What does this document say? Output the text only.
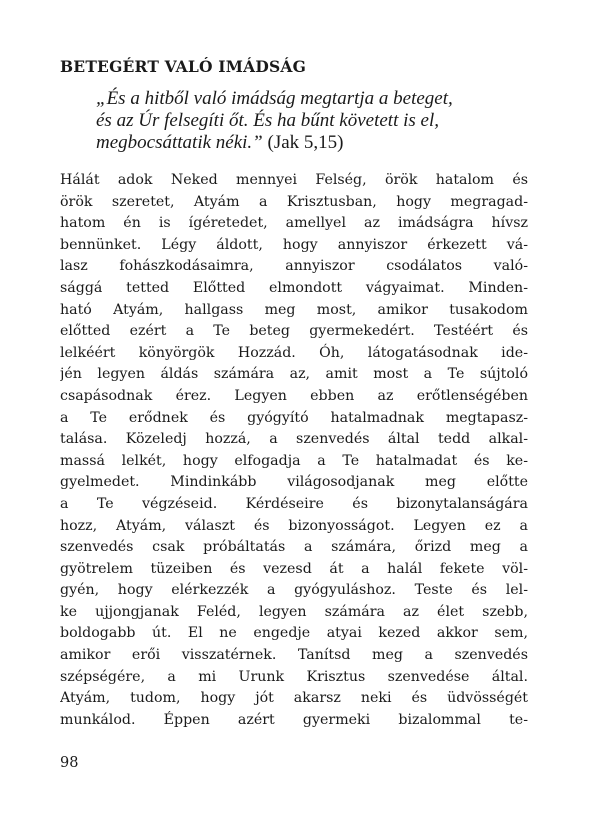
BETEGÉRT VALÓ IMÁDSÁG
„És a hitből való imádság megtartja a beteget,
és az Úr felsegíti őt. És ha bűnt követett is el,
megbocsáttatik néki.” (Jak 5,15)
Hálát adok Neked mennyei Felség, örök hatalom és
örök szeretet, Atyám a Krisztusban, hogy megragad-
hatom én is ígéretedet, amellyel az imádságra hívsz
bennünket. Légy áldott, hogy annyiszor érkezett vá-
lasz fohászkodásaimra, annyiszor csodálatos való-
sággá tetted Előtted elmondott vágyaimat. Minden-
ható Atyám, hallgass meg most, amikor tusakodom
előtted ezért a Te beteg gyermekedért. Testéért és
lelkéért könyörgök Hozzád. Óh, látogatásodnak ide-
jén legyen áldás számára az, amit most a Te sújtoló
csapásodnak érez. Legyen ebben az erőtlenségében
a Te erődnek és gyógyító hatalmadnak megtapasz-
talása. Közeledj hozzá, a szenvedés által tedd alkal-
massá lelkét, hogy elfogadja a Te hatalmadat és ke-
gyelmedet. Mindinkább világosodjanak meg előtte
a Te végzéseid. Kérdéseire és bizonytalanságára
hozz, Atyám, választ és bizonyosságot. Legyen ez a
szenvedés csak próbáltatás a számára, őrizd meg a
gyötrelem tüzeiben és vezesd át a halál fekete völ-
gyén, hogy elérkezzék a gyógyuláshoz. Teste és lel-
ke ujjongjanak Feléd, legyen számára az élet szebb,
boldogabb út. El ne engedje atyai kezed akkor sem,
amikor erői visszatérnek. Tanítsd meg a szenvedés
szépségére, a mi Urunk Krisztus szenvedése által.
Atyám, tudom, hogy jót akarsz neki és üdvösségét
munkálod. Éppen azért gyermeki bizalommal te-
98
